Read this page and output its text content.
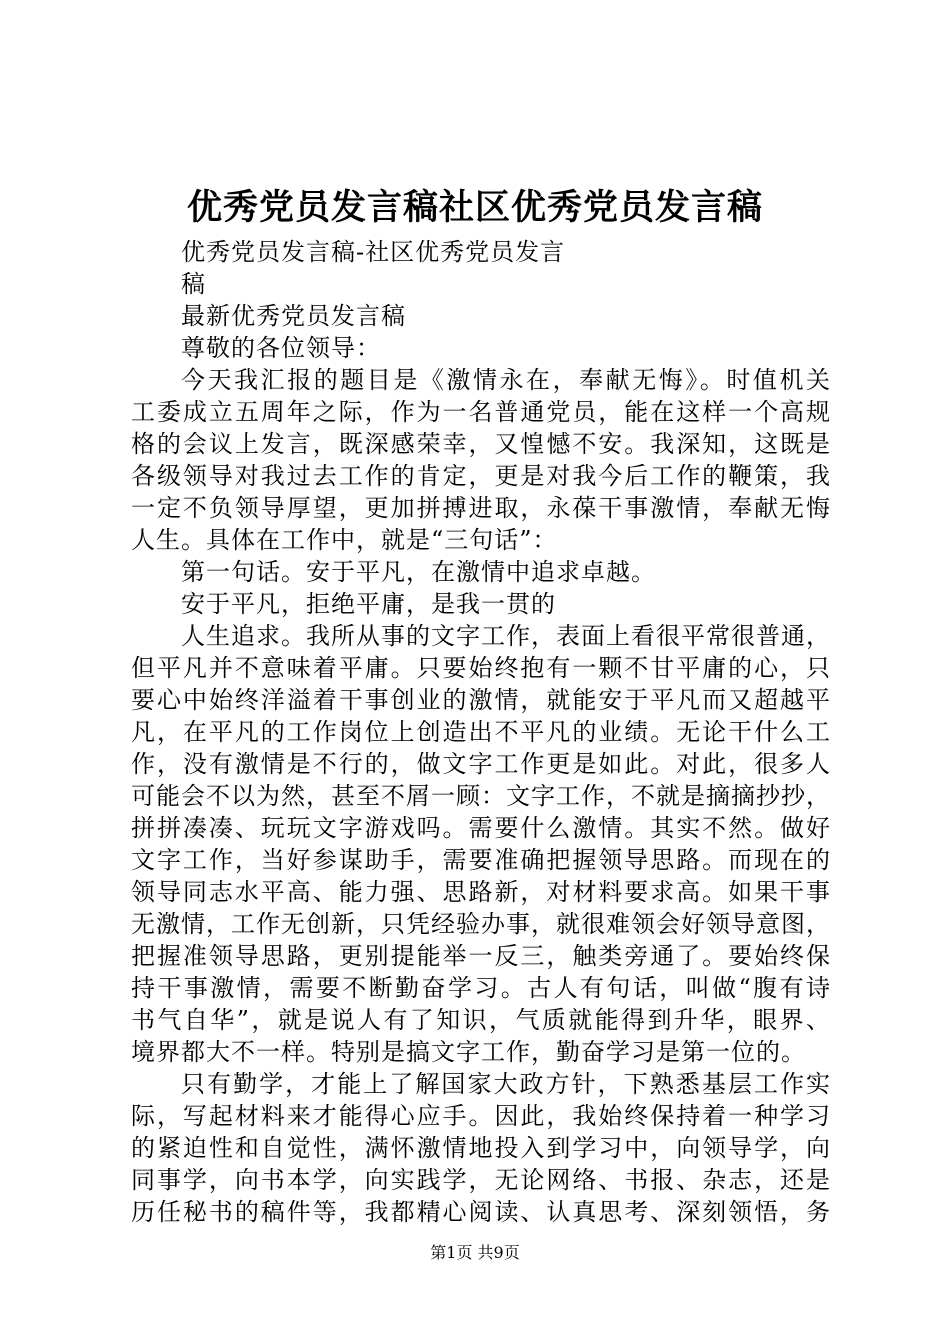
优秀党员发言稿社区优秀党员发言稿
优秀党员发言稿-社区优秀党员发言
稿
最新优秀党员发言稿
尊敬的各位领导：
今天我汇报的题目是《激情永在，奉献无悔》。时值机关
工委成立五周年之际，作为一名普通党员，能在这样一个高规
格的会议上发言，既深感荣幸，又惶憾不安。我深知，这既是
各级领导对我过去工作的肯定，更是对我今后工作的鞭策，我
一定不负领导厚望，更加拼搏进取，永葆干事激情，奉献无悔
人生。具体在工作中，就是“三句话”：
第一句话。安于平凡，在激情中追求卓越。
安于平凡，拒绝平庸，是我一贯的
人生追求。我所从事的文字工作，表面上看很平常很普通，
但平凡并不意味着平庸。只要始终抱有一颗不甘平庸的心，只
要心中始终洋溢着干事创业的激情，就能安于平凡而又超越平
凡，在平凡的工作岗位上创造出不平凡的业绩。无论干什么工
作，没有激情是不行的，做文字工作更是如此。对此，很多人
可能会不以为然，甚至不屑一顾：文字工作，不就是摘摘抄抄，
拼拼凑凑、玩玩文字游戏吗。需要什么激情。其实不然。做好
文字工作，当好参谋助手，需要准确把握领导思路。而现在的
领导同志水平高、能力强、思路新，对材料要求高。如果干事
无激情，工作无创新，只凭经验办事，就很难领会好领导意图，
把握准领导思路，更别提能举一反三，触类旁通了。要始终保
持干事激情，需要不断勤奋学习。古人有句话，叫做“腹有诗
书气自华”，就是说人有了知识，气质就能得到升华，眼界、
境界都大不一样。特别是搞文字工作，勤奋学习是第一位的。
只有勤学，才能上了解国家大政方针，下熟悉基层工作实
际，写起材料来才能得心应手。因此，我始终保持着一种学习
的紧迫性和自觉性，满怀激情地投入到学习中，向领导学，向
同事学，向书本学，向实践学，无论网络、书报、杂志，还是
历任秘书的稿件等，我都精心阅读、认真思考、深刻领悟，务
第1页 共9页
